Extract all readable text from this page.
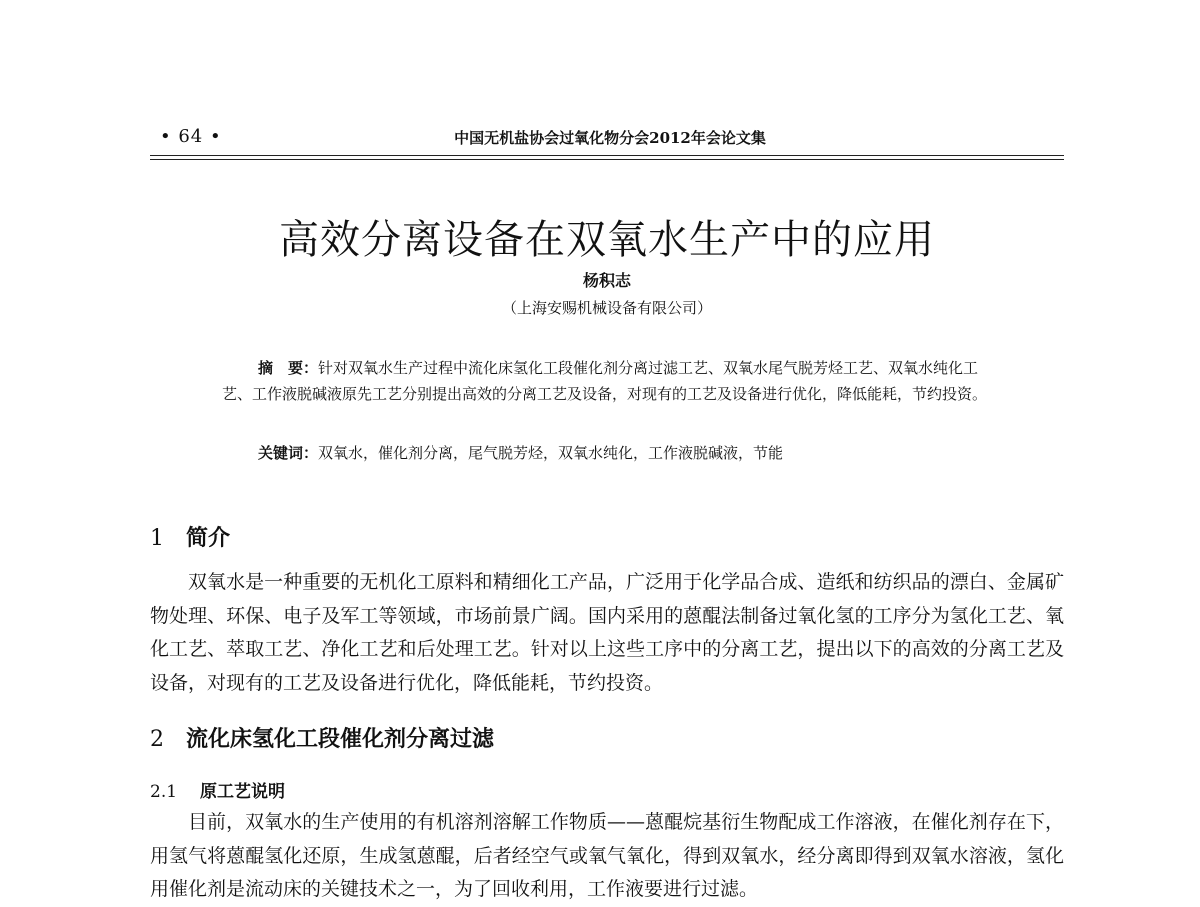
• 64 •	中国无机盐协会过氧化物分会2012年会论文集
高效分离设备在双氧水生产中的应用
杨积志
（上海安赐机械设备有限公司）
摘　要：针对双氧水生产过程中流化床氢化工段催化剂分离过滤工艺、双氧水尾气脱芳烃工艺、双氧水纯化工艺、工作液脱碱液原先工艺分别提出高效的分离工艺及设备，对现有的工艺及设备进行优化，降低能耗，节约投资。
关键词：双氧水，催化剂分离，尾气脱芳烃，双氧水纯化，工作液脱碱液，节能
1 简介
双氧水是一种重要的无机化工原料和精细化工产品，广泛用于化学品合成、造纸和纺织品的漂白、金属矿物处理、环保、电子及军工等领域，市场前景广阔。国内采用的蒽醌法制备过氧化氢的工序分为氢化工艺、氧化工艺、萃取工艺、净化工艺和后处理工艺。针对以上这些工序中的分离工艺，提出以下的高效的分离工艺及设备，对现有的工艺及设备进行优化，降低能耗，节约投资。
2 流化床氢化工段催化剂分离过滤
2.1 原工艺说明
目前，双氧水的生产使用的有机溶剂溶解工作物质——蒽醌烷基衍生物配成工作溶液，在催化剂存在下，用氢气将蒽醌氢化还原，生成氢蒽醌，后者经空气或氧气氧化，得到双氧水，经分离即得到双氧水溶液，氢化用催化剂是流动床的关键技术之一，为了回收利用，工作液要进行过滤。
